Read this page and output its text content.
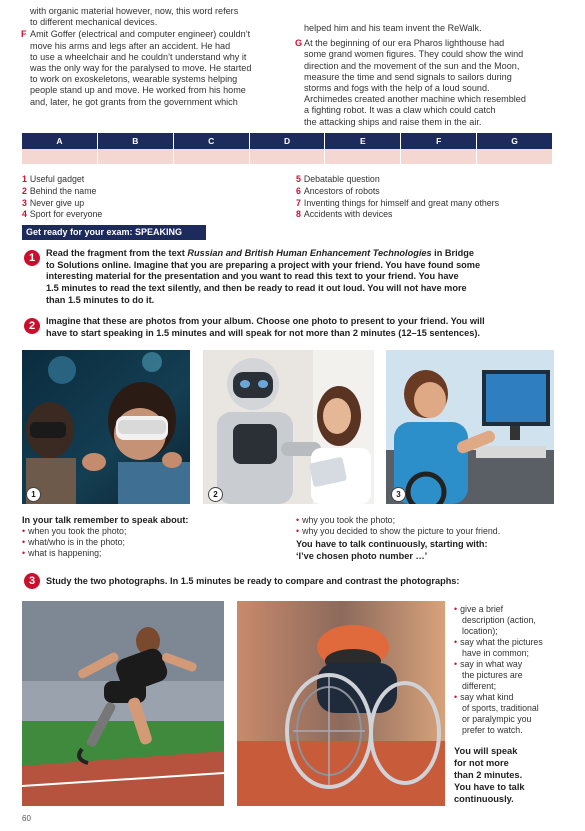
with organic material however, now, this word refers
to different mechanical devices.
F Amit Goffer (electrical and computer engineer) couldn’t
move his arms and legs after an accident. He had
to use a wheelchair and he couldn’t understand why it
was the only way for the paralysed to move. He started
to work on exoskeletons, wearable systems helping
people stand up and move. He worked from his home
and, later, he got grants from the government which
helped him and his team invent the ReWalk.
G At the beginning of our era Pharos lighthouse had
some grand women figures. They could show the wind
direction and the movement of the sun and the Moon,
measure the time and send signals to sailors during
storms and fogs with the help of a loud sound.
Archimedes created another machine which resembled
a fighting robot. It was a claw which could catch
the attacking ships and raise them in the air.
A	B	C	D	E	F	G
1 Useful gadget
2 Behind the name
3 Never give up
4 Sport for everyone
5 Debatable question
6 Ancestors of robots
7 Inventing things for himself and great many others
8 Accidents with devices
Get ready for your exam: SPEAKING
1	Read the fragment from the text Russian and British Human Enhancement Technologies in Bridge
to Solutions online. Imagine that you are preparing a project with your friend. You have found some
interesting material for the presentation and you want to read this text to your friend. You have
1.5 minutes to read the text silently, and then be ready to read it out loud. You will not have more
than 1.5 minutes to do it.
2	Imagine that these are photos from your album. Choose one photo to present to your friend. You will
have to start speaking in 1.5 minutes and will speak for not more than 2 minutes (12–15 sentences).
1	2	3
In your talk remember to speak about:
• when you took the photo;
• what/who is in the photo;
• what is happening;
• why you took the photo;
• why you decided to show the picture to your friend.
You have to talk continuously, starting with:
‘I’ve chosen photo number …’
3	Study the two photographs. In 1.5 minutes be ready to compare and contrast the photographs:
• give a brief
description (action,
location);
• say what the pictures
have in common;
• say in what way
the pictures are
different;
• say what kind
of sports, traditional
or paralympic you
prefer to watch.
You will speak
for not more
than 2 minutes.
You have to talk
continuously.
60
